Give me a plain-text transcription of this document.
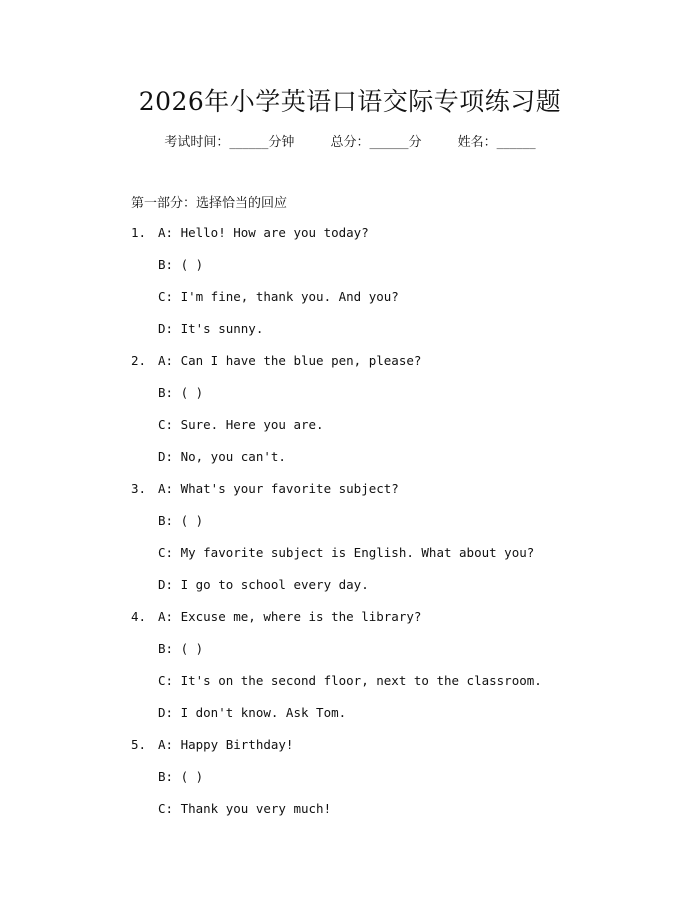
2026年小学英语口语交际专项练习题
考试时间：______分钟	总分：______分	姓名：______
第一部分：选择恰当的回应
1. A: Hello! How are you today?
B: ( )
C: I'm fine, thank you. And you?
D: It's sunny.
2. A: Can I have the blue pen, please?
B: ( )
C: Sure. Here you are.
D: No, you can't.
3. A: What's your favorite subject?
B: ( )
C: My favorite subject is English. What about you?
D: I go to school every day.
4. A: Excuse me, where is the library?
B: ( )
C: It's on the second floor, next to the classroom.
D: I don't know. Ask Tom.
5. A: Happy Birthday!
B: ( )
C: Thank you very much!
